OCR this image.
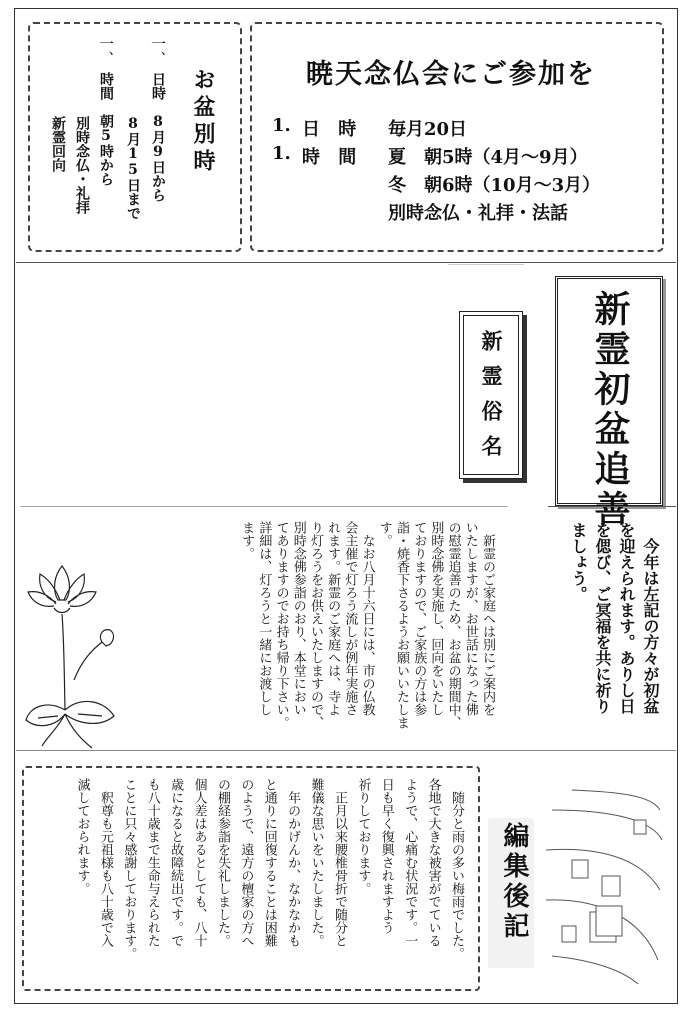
お盆別時
一、
日時　8月9日から
8月15日まで
一、
時間　朝5時から
別時念仏・礼拝
新霊回向
暁天念仏会にご参加を
1. 日 時 毎月20日
1. 時 間 夏　朝5時（4月～9月）
冬　朝6時（10月～3月）
別時念仏・礼拝・法話
新霊初盆追善
新霊俗名
今年は左記の方々が初盆
を迎えられます。ありし日
を偲び、ご冥福を共に祈り
ましょう。
新霊のご家庭へは別にご案内を
いたしますが、お世話になった佛
の慰霊追善のため、お盆の期間中、
別時念佛を実施し、回向をいたし
ておりますので、ご家族の方は参
詣・焼香下さるようお願いいたしま
す。
なお八月十六日には、市の仏教
会主催で灯ろう流しが例年実施さ
れます。新霊のご家庭へは、寺よ
り灯ろうをお供えいたしますので、
別時念佛参詣のおり、本堂におい
てありますのでお持ち帰り下さい。
詳細は、灯ろうと一緒にお渡しし
ます。
随分と雨の多い梅雨でした。
各地で大きな被害がでている
ようで、心痛む状況です。一
日も早く復興されますよう
祈りしております。
正月以来腰椎骨折で随分と
難儀な思いをいたしました。
年のかげんか、なかなかも
と通りに回復することは困難
のようで、遠方の檀家の方へ
の棚経参詣を失礼しました。
個人差はあるとしても、八十
歳になると故障続出です。で
も八十歳まで生命与えられた
ことに只々感謝しております。
釈尊も元祖様も八十歳で入
滅しておられます。	編集後記
